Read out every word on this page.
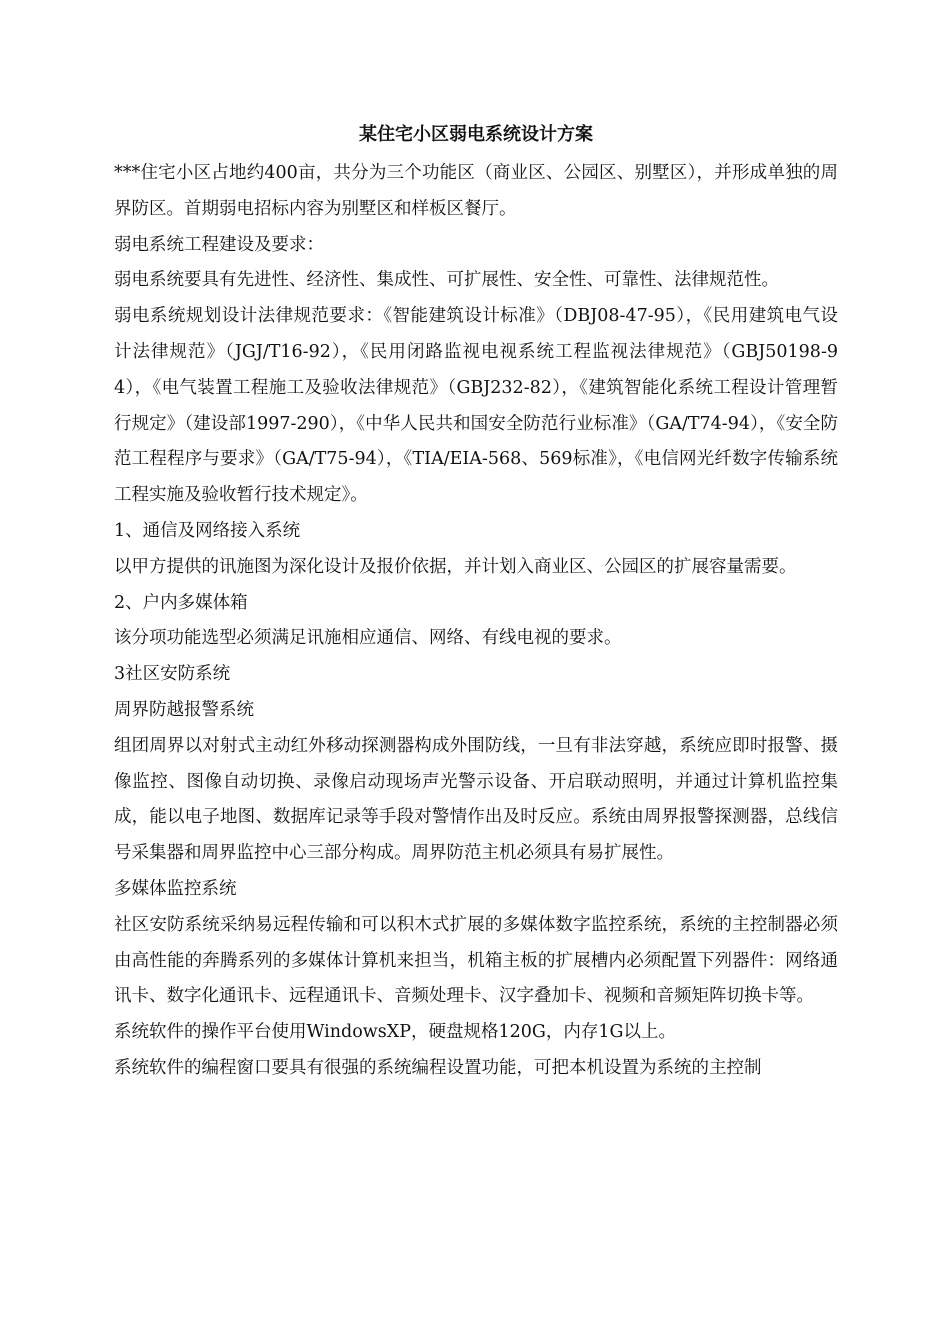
某住宅小区弱电系统设计方案

***住宅小区占地约400亩，共分为三个功能区（商业区、公园区、别墅区），并形成单独的周界防区。首期弱电招标内容为别墅区和样板区餐厅。

弱电系统工程建设及要求：

弱电系统要具有先进性、经济性、集成性、可扩展性、安全性、可靠性、法律规范性。

弱电系统规划设计法律规范要求：《智能建筑设计标准》（DBJ08-47-95），《民用建筑电气设计法律规范》（JGJ/T16-92），《民用闭路监视电视系统工程监视法律规范》（GBJ50198-94），《电气装置工程施工及验收法律规范》（GBJ232-82），《建筑智能化系统工程设计管理暂行规定》（建设部1997-290），《中华人民共和国安全防范行业标准》（GA/T74-94），《安全防范工程程序与要求》（GA/T75-94），《TIA/EIA-568、569标准》，《电信网光纤数字传输系统工程实施及验收暂行技术规定》。

1、通信及网络接入系统

以甲方提供的讯施图为深化设计及报价依据，并计划入商业区、公园区的扩展容量需要。

2、户内多媒体箱

该分项功能选型必须满足讯施相应通信、网络、有线电视的要求。

3社区安防系统

周界防越报警系统

组团周界以对射式主动红外移动探测器构成外围防线，一旦有非法穿越，系统应即时报警、摄像监控、图像自动切换、录像启动现场声光警示设备、开启联动照明，并通过计算机监控集成，能以电子地图、数据库记录等手段对警情作出及时反应。系统由周界报警探测器，总线信号采集器和周界监控中心三部分构成。周界防范主机必须具有易扩展性。

多媒体监控系统

社区安防系统采纳易远程传输和可以积木式扩展的多媒体数字监控系统，系统的主控制器必须由高性能的奔腾系列的多媒体计算机来担当，机箱主板的扩展槽内必须配置下列器件：网络通讯卡、数字化通讯卡、远程通讯卡、音频处理卡、汉字叠加卡、视频和音频矩阵切换卡等。

系统软件的操作平台使用WindowsXP，硬盘规格120G，内存1G以上。

系统软件的编程窗口要具有很强的系统编程设置功能，可把本机设置为系统的主控制
